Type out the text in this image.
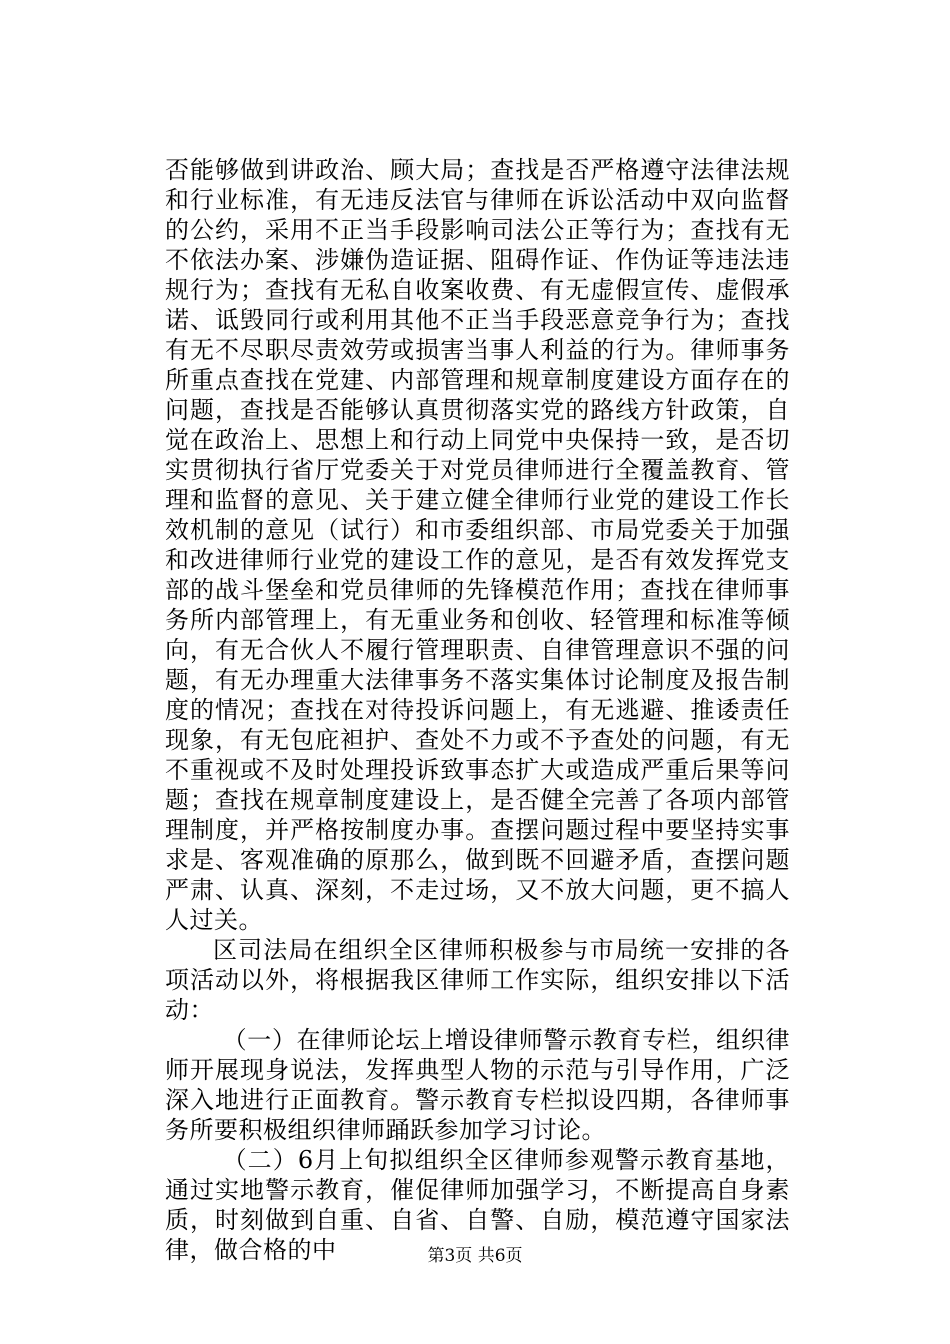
否能够做到讲政治、顾大局；查找是否严格遵守法律法规和行业标准，有无违反法官与律师在诉讼活动中双向监督的公约，采用不正当手段影响司法公正等行为；查找有无不依法办案、涉嫌伪造证据、阻碍作证、作伪证等违法违规行为；查找有无私自收案收费、有无虚假宣传、虚假承诺、诋毁同行或利用其他不正当手段恶意竞争行为；查找有无不尽职尽责效劳或损害当事人利益的行为。律师事务所重点查找在党建、内部管理和规章制度建设方面存在的问题，查找是否能够认真贯彻落实党的路线方针政策，自觉在政治上、思想上和行动上同党中央保持一致，是否切实贯彻执行省厅党委关于对党员律师进行全覆盖教育、管理和监督的意见、关于建立健全律师行业党的建设工作长效机制的意见（试行）和市委组织部、市局党委关于加强和改进律师行业党的建设工作的意见，是否有效发挥党支部的战斗堡垒和党员律师的先锋模范作用；查找在律师事务所内部管理上，有无重业务和创收、轻管理和标准等倾向，有无合伙人不履行管理职责、自律管理意识不强的问题，有无办理重大法律事务不落实集体讨论制度及报告制度的情况；查找在对待投诉问题上，有无逃避、推诿责任现象，有无包庇袒护、查处不力或不予查处的问题，有无不重视或不及时处理投诉致事态扩大或造成严重后果等问题；查找在规章制度建设上，是否健全完善了各项内部管理制度，并严格按制度办事。查摆问题过程中要坚持实事求是、客观准确的原那么，做到既不回避矛盾，查摆问题严肃、认真、深刻，不走过场，又不放大问题，更不搞人人过关。

区司法局在组织全区律师积极参与市局统一安排的各项活动以外，将根据我区律师工作实际，组织安排以下活动：

（一）在律师论坛上增设律师警示教育专栏，组织律师开展现身说法，发挥典型人物的示范与引导作用，广泛深入地进行正面教育。警示教育专栏拟设四期，各律师事务所要积极组织律师踊跃参加学习讨论。

（二）6月上旬拟组织全区律师参观警示教育基地，通过实地警示教育，催促律师加强学习，不断提高自身素质，时刻做到自重、自省、自警、自励，模范遵守国家法律，做合格的中	第3页 共6页
